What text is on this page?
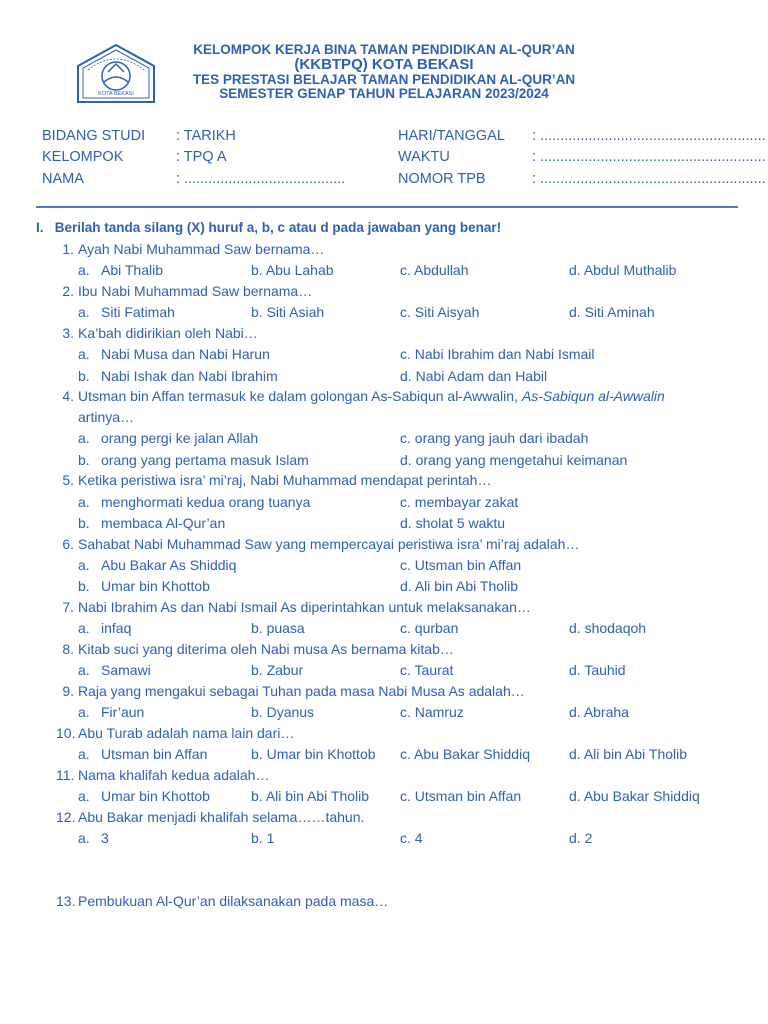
KOTA BEKASI
KELOMPOK KERJA BINA TAMAN PENDIDIKAN AL-QUR’AN
(KKBTPQ) KOTA BEKASI
TES PRESTASI BELAJAR TAMAN PENDIDIKAN AL-QUR’AN
SEMESTER GENAP TAHUN PELAJARAN 2023/2024
BIDANG STUDI : TARIKH
KELOMPOK	: TPQ A
NAMA	: ........................................
HARI/TANGGAL : ........................................................
WAKTU	: ........................................................
NOMOR TPB	: ........................................................
I. Berilah tanda silang (X) huruf a, b, c atau d pada jawaban yang benar!
1. Ayah Nabi Muhammad Saw bernama…
a. Abi Thalib	b. Abu Lahab	c. Abdullah	d. Abdul Muthalib
2. Ibu Nabi Muhammad Saw bernama…
a. Siti Fatimah	b. Siti Asiah	c. Siti Aisyah	d. Siti Aminah
3. Ka’bah didirikian oleh Nabi…
a. Nabi Musa dan Nabi Harun	c. Nabi Ibrahim dan Nabi Ismail
b. Nabi Ishak dan Nabi Ibrahim	d. Nabi Adam dan Habil
4. Utsman bin Affan termasuk ke dalam golongan As-Sabiqun al-Awwalin, As-Sabiqun al-Awwalin
artinya…
a. orang pergi ke jalan Allah	c. orang yang jauh dari ibadah
b. orang yang pertama masuk Islam	d. orang yang mengetahui keimanan
5. Ketika peristiwa isra’ mi’raj, Nabi Muhammad mendapat perintah…
a. menghormati kedua orang tuanya	c. membayar zakat
b. membaca Al-Qur’an	d. sholat 5 waktu
6. Sahabat Nabi Muhammad Saw yang mempercayai peristiwa isra’ mi’raj adalah…
a. Abu Bakar As Shiddiq	c. Utsman bin Affan
b. Umar bin Khottob	d. Ali bin Abi Tholib
7. Nabi Ibrahim As dan Nabi Ismail As diperintahkan untuk melaksanakan…
a. infaq	b. puasa	c. qurban	d. shodaqoh
8. Kitab suci yang diterima oleh Nabi musa As bernama kitab…
a. Samawi	b. Zabur	c. Taurat	d. Tauhid
9. Raja yang mengakui sebagai Tuhan pada masa Nabi Musa As adalah…
a. Fir’aun	b. Dyanus	c. Namruz	d. Abraha
10. Abu Turab adalah nama lain dari…
a. Utsman bin Affan	b. Umar bin Khottob c. Abu Bakar Shiddiq	d. Ali bin Abi Tholib
11. Nama khalifah kedua adalah…
a. Umar bin Khottob	b. Ali bin Abi Tholib c. Utsman bin Affan	d. Abu Bakar Shiddiq
12. Abu Bakar menjadi khalifah selama……tahun.
a. 3	b. 1	c. 4	d. 2
13. Pembukuan Al-Qur’an dilaksanakan pada masa…
